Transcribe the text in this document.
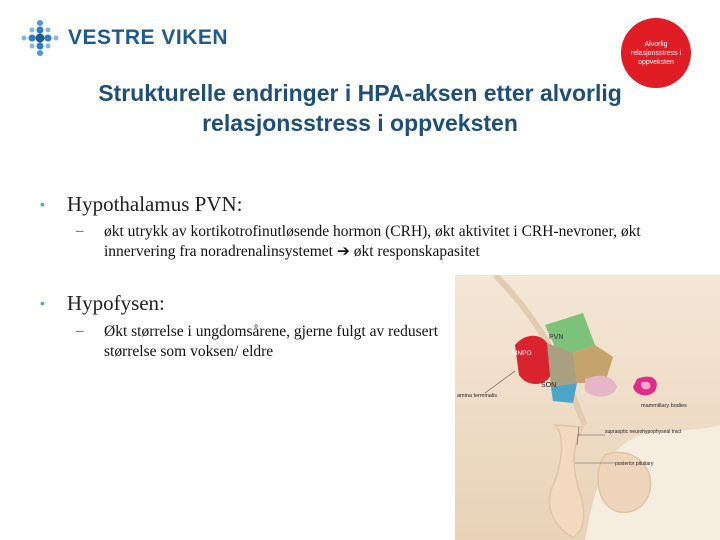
VESTRE VIKEN	Alvorlig relasjonsstress i oppveksten
Strukturelle endringer i HPA-aksen etter alvorlig relasjonsstress i oppveksten
• Hypothalamus PVN:
–	økt utrykk av kortikotrofinutløsende hormon (CRH), økt aktivitet i CRH-nevroner, økt innervering fra noradrenalinsystemet ➔ økt responskapasitet
• Hypofysen:
–	Økt størrelse i ungdomsårene, gjerne fulgt av redusert størrelse som voksen/ eldre
PVN
MNPO
SON
amina terminalis
mammillary bodies
supraoptic neurohypophyseal tract
posterior pituitary
